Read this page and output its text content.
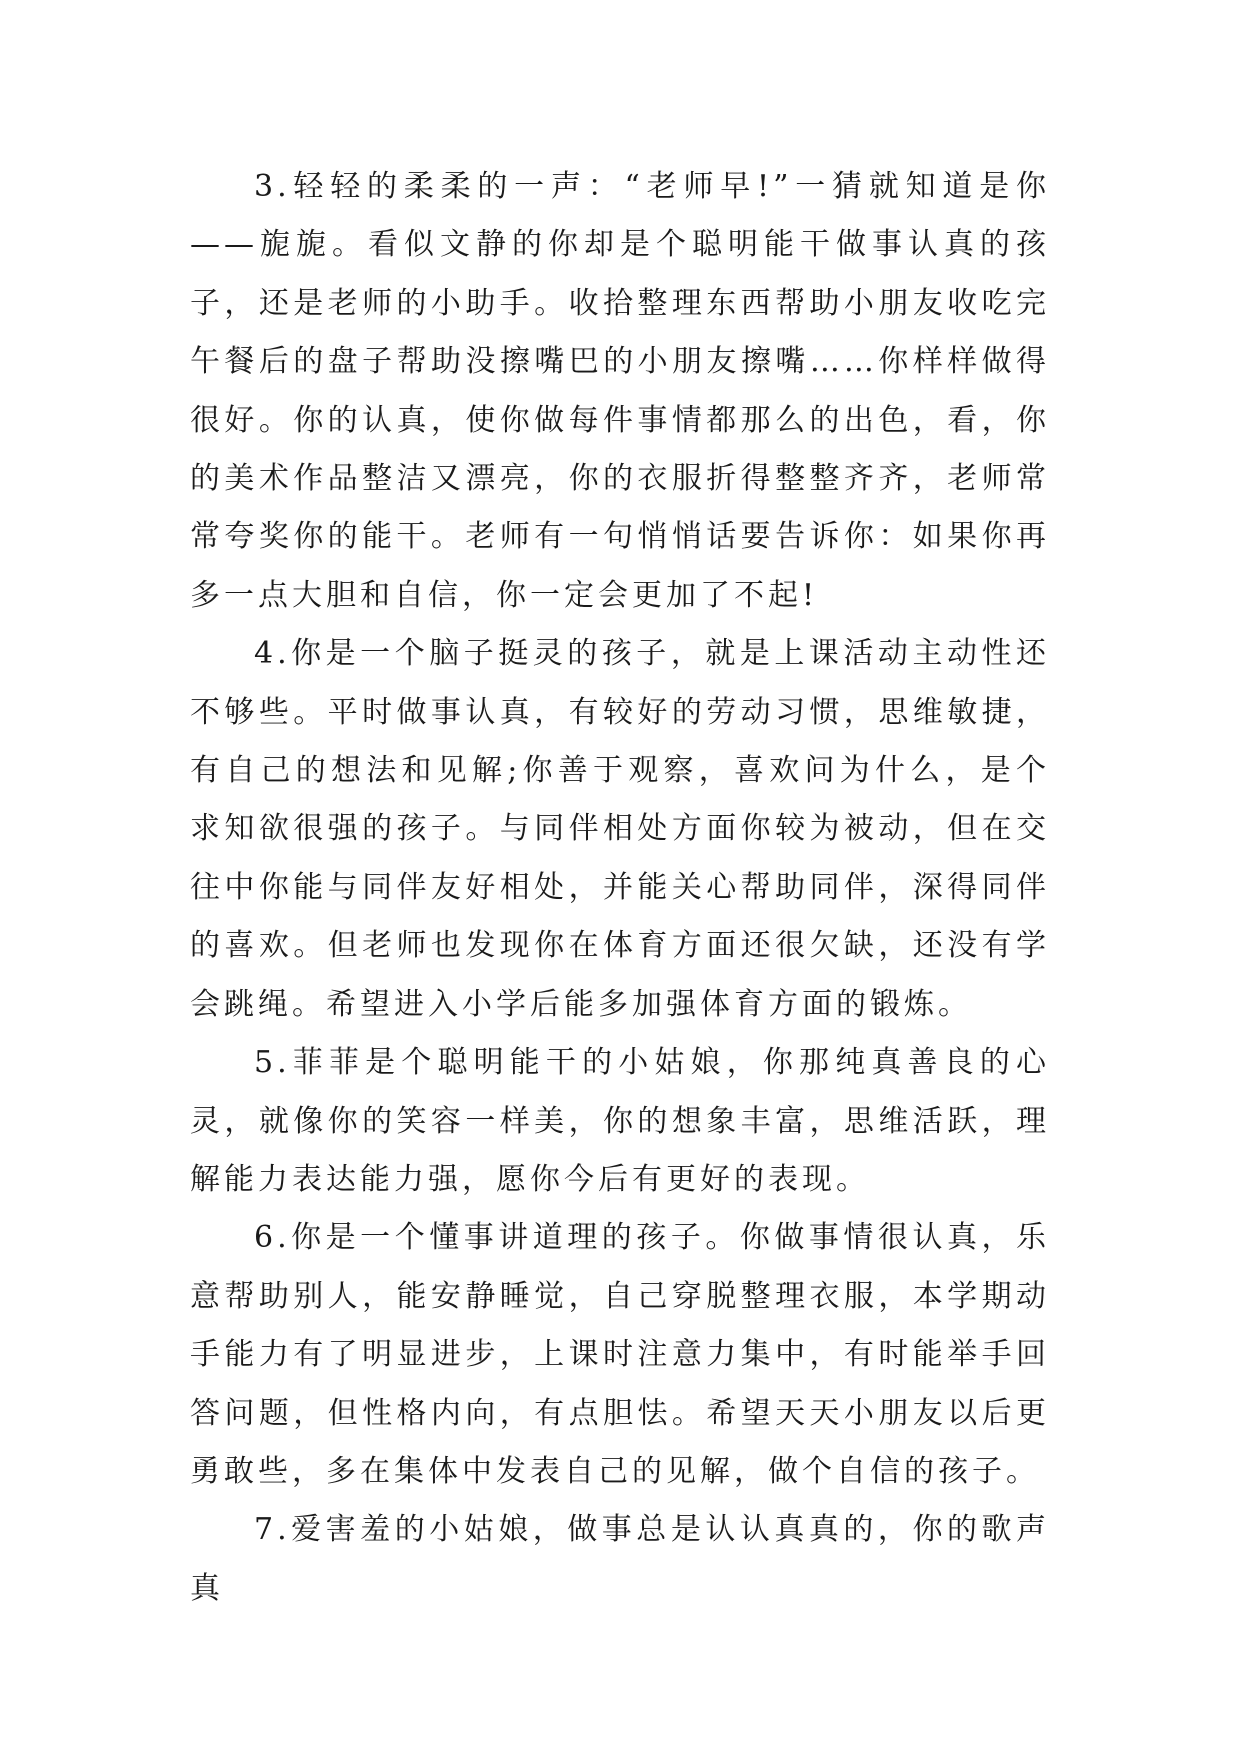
3.轻轻的柔柔的一声：“老师早!”一猜就知道是你——旎旎。看似文静的你却是个聪明能干做事认真的孩子，还是老师的小助手。收拾整理东西帮助小朋友收吃完午餐后的盘子帮助没擦嘴巴的小朋友擦嘴……你样样做得很好。你的认真，使你做每件事情都那么的出色，看，你的美术作品整洁又漂亮，你的衣服折得整整齐齐，老师常常夸奖你的能干。老师有一句悄悄话要告诉你：如果你再多一点大胆和自信，你一定会更加了不起!

4.你是一个脑子挺灵的孩子，就是上课活动主动性还不够些。平时做事认真，有较好的劳动习惯，思维敏捷，有自己的想法和见解;你善于观察，喜欢问为什么，是个求知欲很强的孩子。与同伴相处方面你较为被动，但在交往中你能与同伴友好相处，并能关心帮助同伴，深得同伴的喜欢。但老师也发现你在体育方面还很欠缺，还没有学会跳绳。希望进入小学后能多加强体育方面的锻炼。

5.菲菲是个聪明能干的小姑娘，你那纯真善良的心灵，就像你的笑容一样美，你的想象丰富，思维活跃，理解能力表达能力强，愿你今后有更好的表现。

6.你是一个懂事讲道理的孩子。你做事情很认真，乐意帮助别人，能安静睡觉，自己穿脱整理衣服，本学期动手能力有了明显进步，上课时注意力集中，有时能举手回答问题，但性格内向，有点胆怯。希望天天小朋友以后更勇敢些，多在集体中发表自己的见解，做个自信的孩子。

7.爱害羞的小姑娘，做事总是认认真真的，你的歌声真
